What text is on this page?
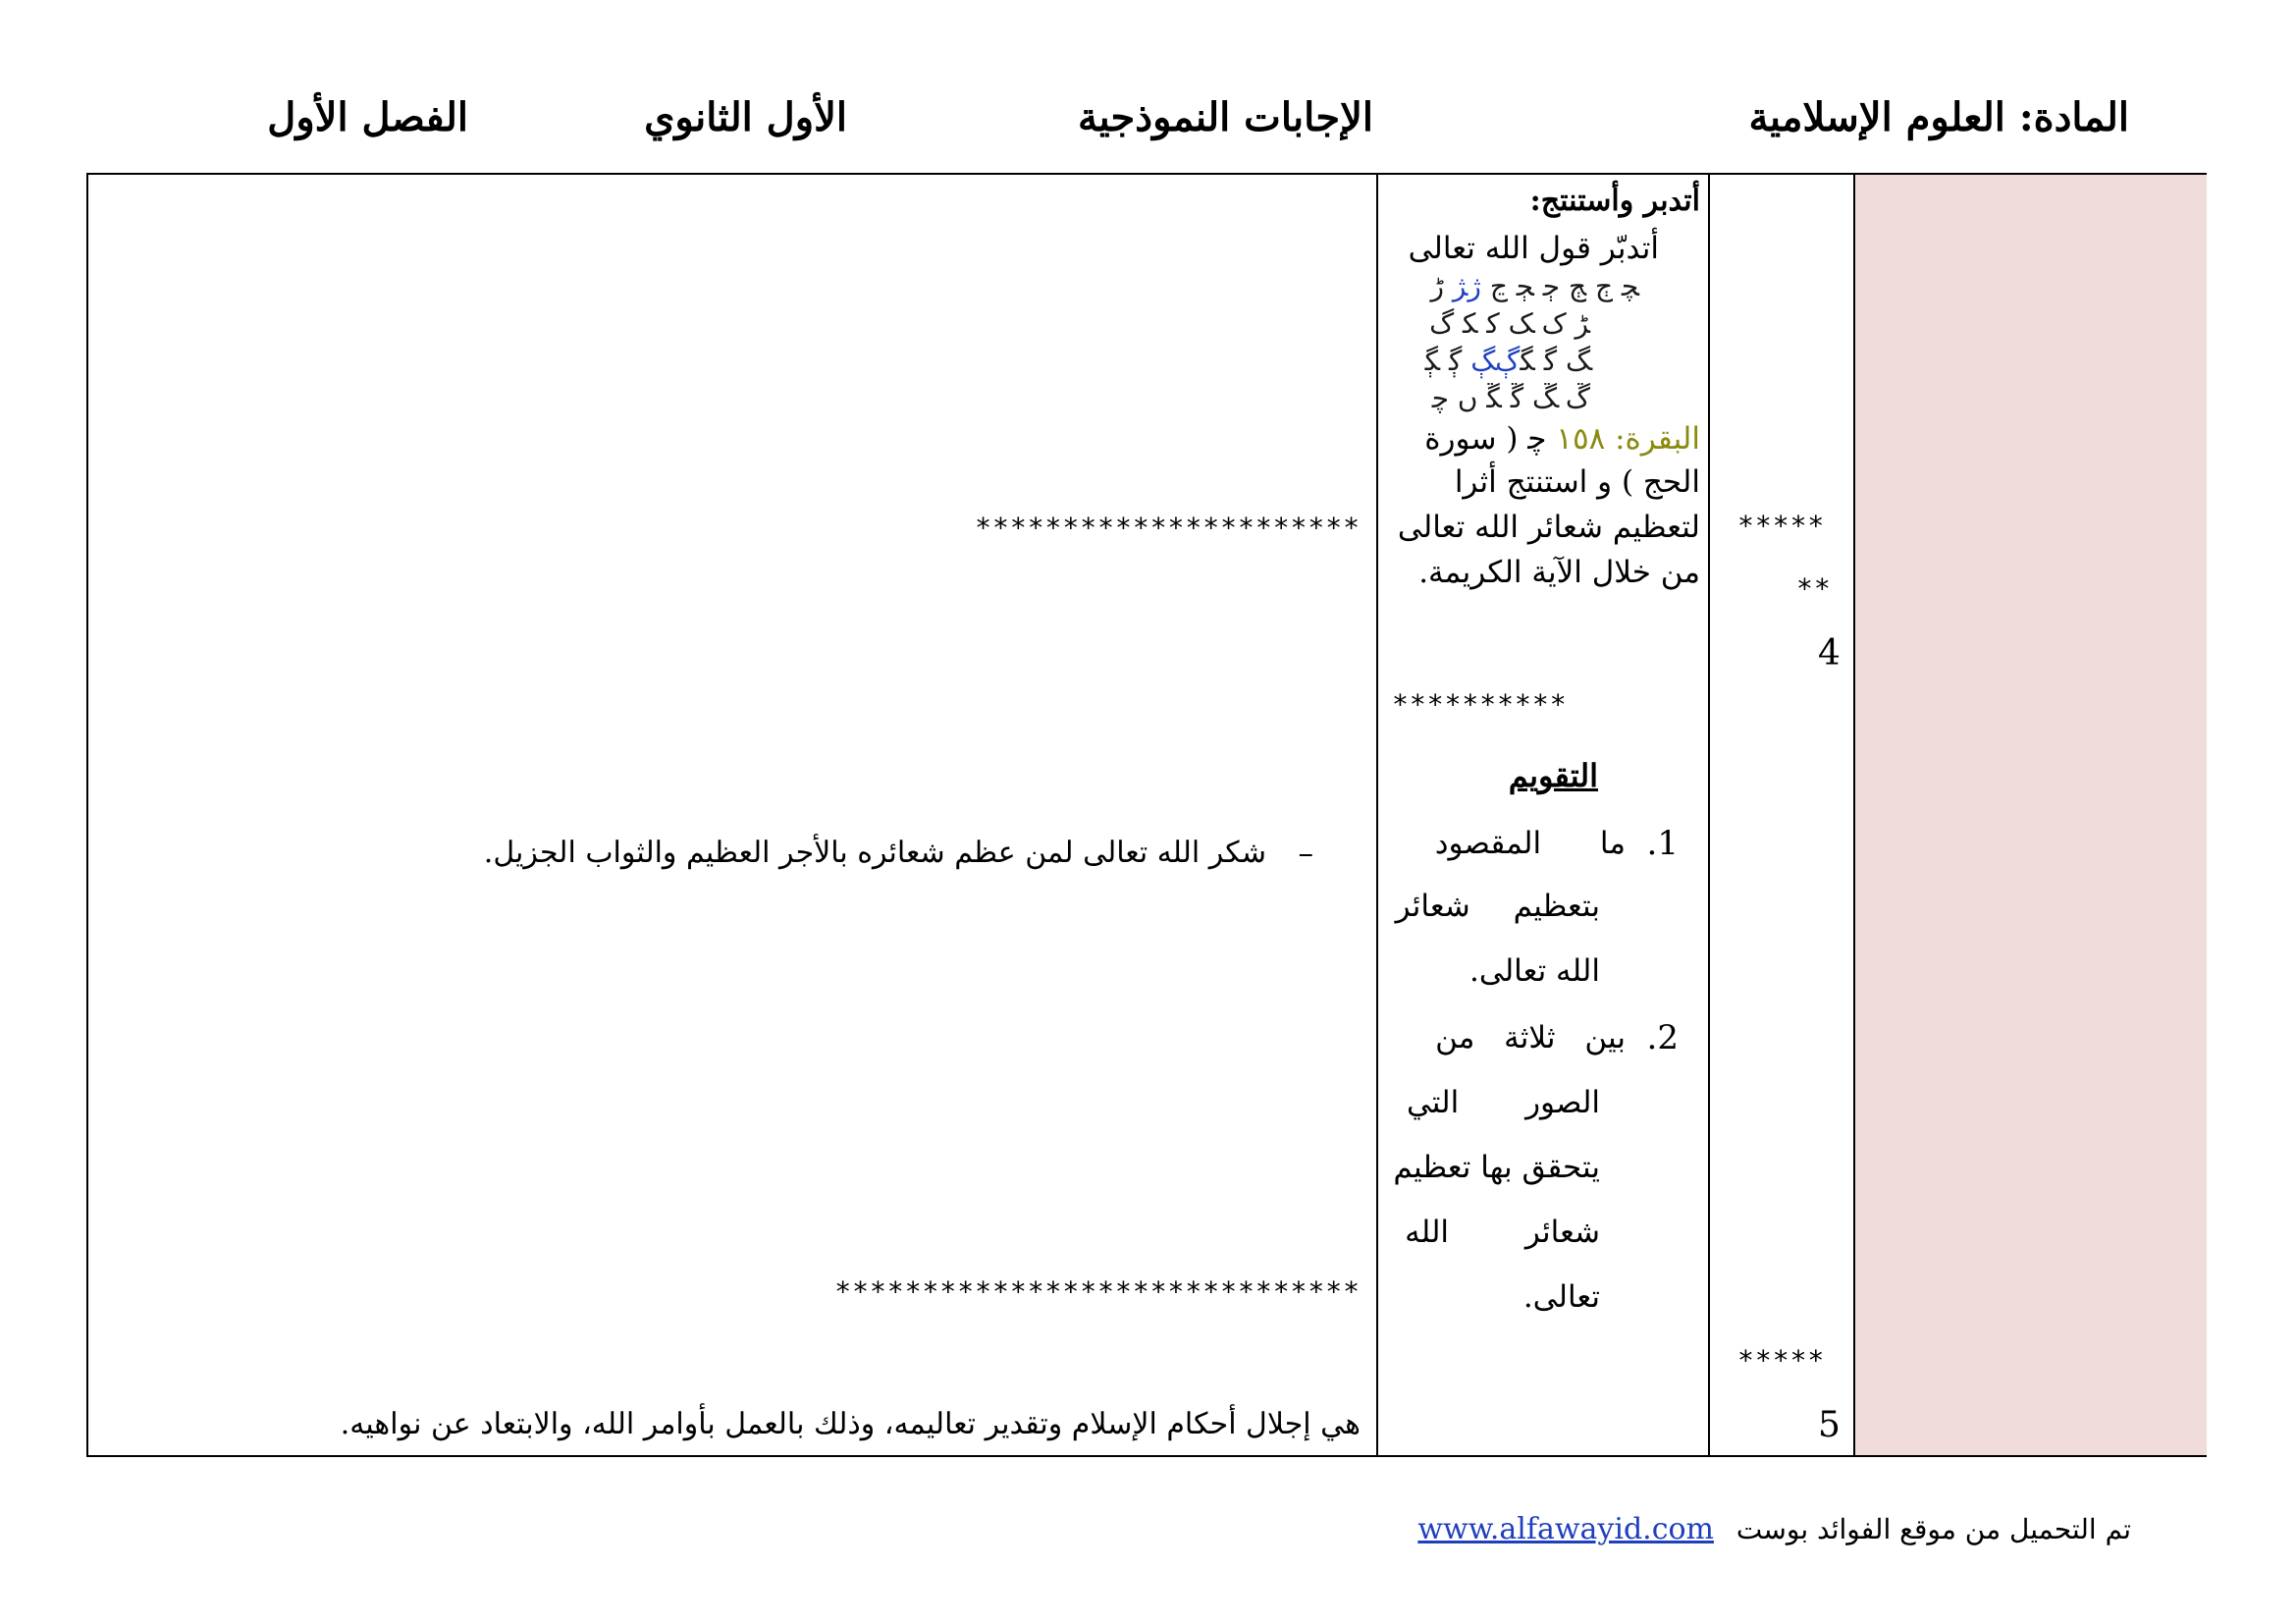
المادة: العلوم الإسلامية
الإجابات النموذجية
الأول الثانوي
الفصل الأول
*****
**
4
*****
5
أتدبر وأستنتج:
أتدبّر قول الله تعالى
ﭽ ﭲ ﭳ ﭴ ﭵ ﭶ ﮊﮋ ﮌ
ﮍ ﮎ ﮏ ﮐ ﮑ ﮒ
ﮓ ﮔ ﮕﮖﮗ ﮘ ﮙ
ﮚ ﮛ ﮜ ﮝ ﮞ ﭼ
البقرة: ١٥٨ ﭼ ( سورة
الحج ) و استنتج أثرا
لتعظيم شعائر الله تعالى
من خلال الآية الكريمة.
**********
التقويم
1.
ما المقصود
بتعظيم شعائر
الله تعالى.
2.
بين ثلاثة من
الصور التي
يتحقق بها تعظيم
شعائر الله
تعالى.
**********************
–
شكر الله تعالى لمن عظم شعائره بالأجر العظيم والثواب الجزيل.
******************************
هي إجلال أحكام الإسلام وتقدير تعاليمه، وذلك بالعمل بأوامر الله، والابتعاد عن نواهيه.
تم التحميل من موقع الفوائد بوست www.alfawayid.com
